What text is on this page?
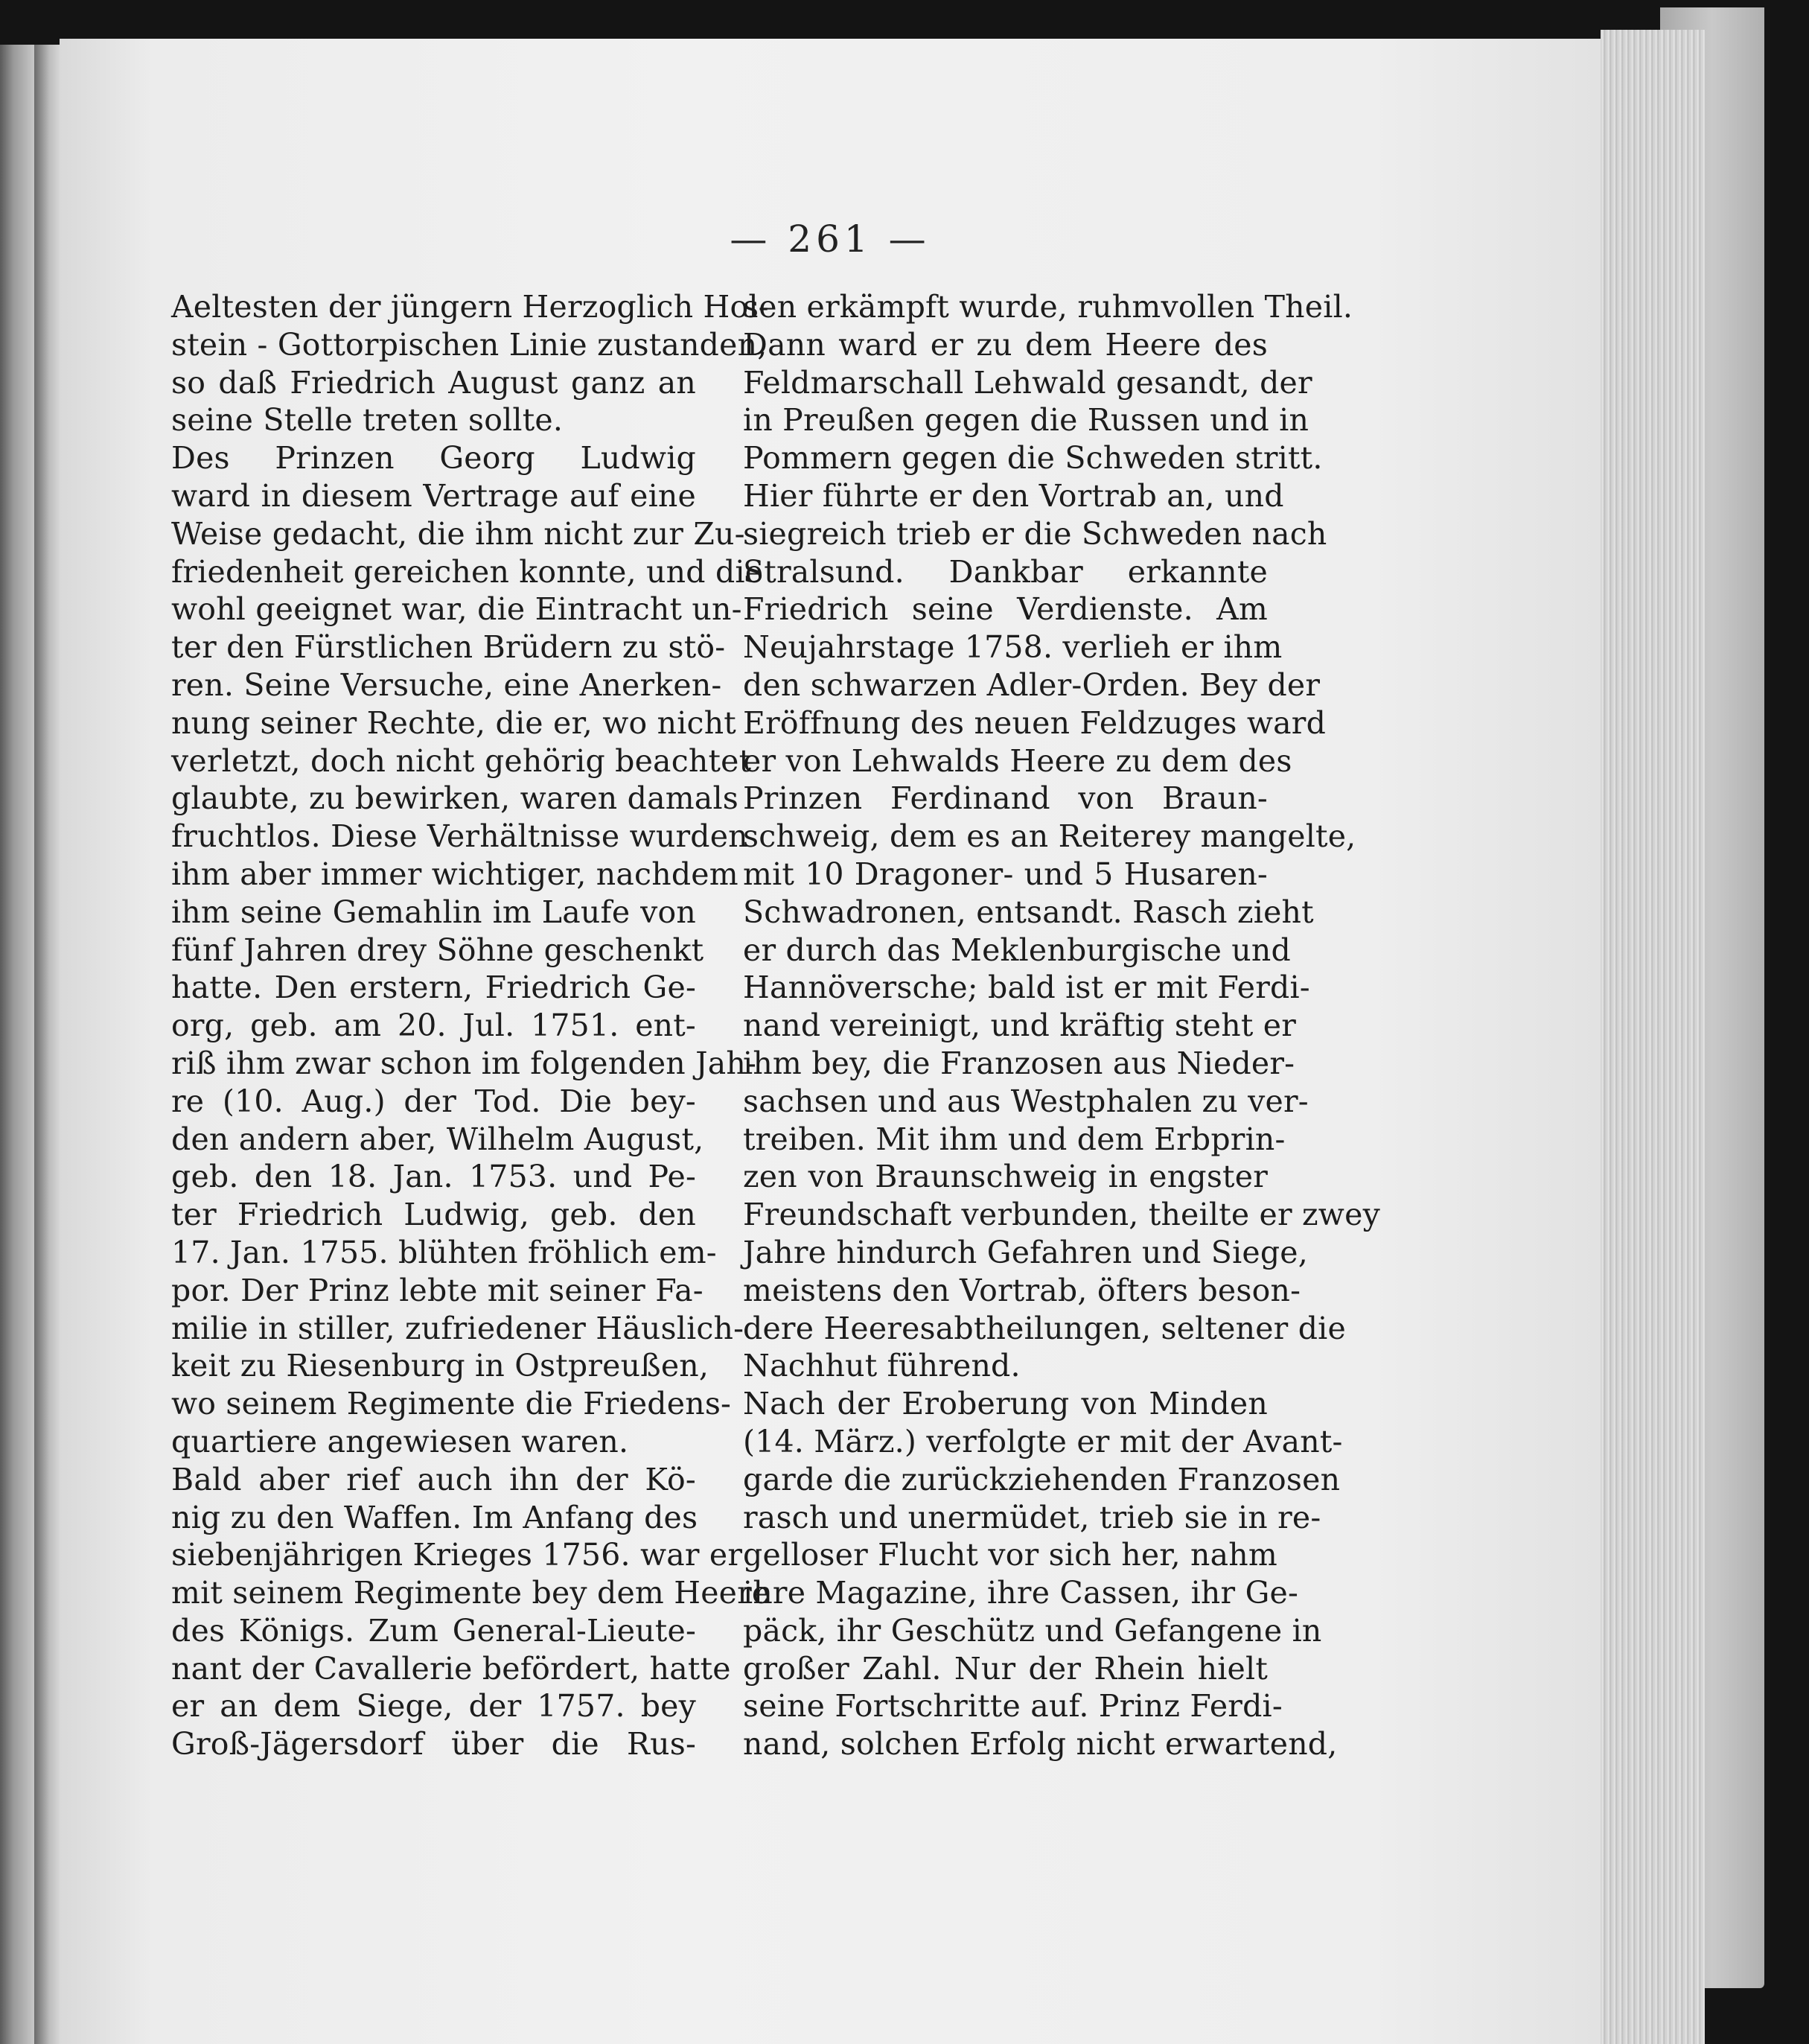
— 261 —
Aeltesten der jüngern Herzoglich Hol-
stein - Gottorpischen Linie zustanden,
so daß Friedrich August ganz an
seine Stelle treten sollte.
Des Prinzen Georg Ludwig
ward in diesem Vertrage auf eine
Weise gedacht, die ihm nicht zur Zu-
friedenheit gereichen konnte, und die
wohl geeignet war, die Eintracht un-
ter den Fürstlichen Brüdern zu stö-
ren. Seine Versuche, eine Anerken-
nung seiner Rechte, die er, wo nicht
verletzt, doch nicht gehörig beachtet
glaubte, zu bewirken, waren damals
fruchtlos. Diese Verhältnisse wurden
ihm aber immer wichtiger, nachdem
ihm seine Gemahlin im Laufe von
fünf Jahren drey Söhne geschenkt
hatte. Den erstern, Friedrich Ge-
org, geb. am 20. Jul. 1751. ent-
riß ihm zwar schon im folgenden Jah-
re (10. Aug.) der Tod. Die bey-
den andern aber, Wilhelm August,
geb. den 18. Jan. 1753. und Pe-
ter Friedrich Ludwig, geb. den
17. Jan. 1755. blühten fröhlich em-
por. Der Prinz lebte mit seiner Fa-
milie in stiller, zufriedener Häuslich-
keit zu Riesenburg in Ostpreußen,
wo seinem Regimente die Friedens-
quartiere angewiesen waren.
Bald aber rief auch ihn der Kö-
nig zu den Waffen. Im Anfang des
siebenjährigen Krieges 1756. war er
mit seinem Regimente bey dem Heere
des Königs. Zum General-Lieute-
nant der Cavallerie befördert, hatte
er an dem Siege, der 1757. bey
Groß-Jägersdorf über die Rus-
sen erkämpft wurde, ruhmvollen Theil.
Dann ward er zu dem Heere des
Feldmarschall Lehwald gesandt, der
in Preußen gegen die Russen und in
Pommern gegen die Schweden stritt.
Hier führte er den Vortrab an, und
siegreich trieb er die Schweden nach
Stralsund. Dankbar erkannte
Friedrich seine Verdienste. Am
Neujahrstage 1758. verlieh er ihm
den schwarzen Adler-Orden. Bey der
Eröffnung des neuen Feldzuges ward
er von Lehwalds Heere zu dem des
Prinzen Ferdinand von Braun-
schweig, dem es an Reiterey mangelte,
mit 10 Dragoner- und 5 Husaren-
Schwadronen, entsandt. Rasch zieht
er durch das Meklenburgische und
Hannöversche; bald ist er mit Ferdi-
nand vereinigt, und kräftig steht er
ihm bey, die Franzosen aus Nieder-
sachsen und aus Westphalen zu ver-
treiben. Mit ihm und dem Erbprin-
zen von Braunschweig in engster
Freundschaft verbunden, theilte er zwey
Jahre hindurch Gefahren und Siege,
meistens den Vortrab, öfters beson-
dere Heeresabtheilungen, seltener die
Nachhut führend.
Nach der Eroberung von Minden
(14. März.) verfolgte er mit der Avant-
garde die zurückziehenden Franzosen
rasch und unermüdet, trieb sie in re-
gelloser Flucht vor sich her, nahm
ihre Magazine, ihre Cassen, ihr Ge-
päck, ihr Geschütz und Gefangene in
großer Zahl. Nur der Rhein hielt
seine Fortschritte auf. Prinz Ferdi-
nand, solchen Erfolg nicht erwartend,
